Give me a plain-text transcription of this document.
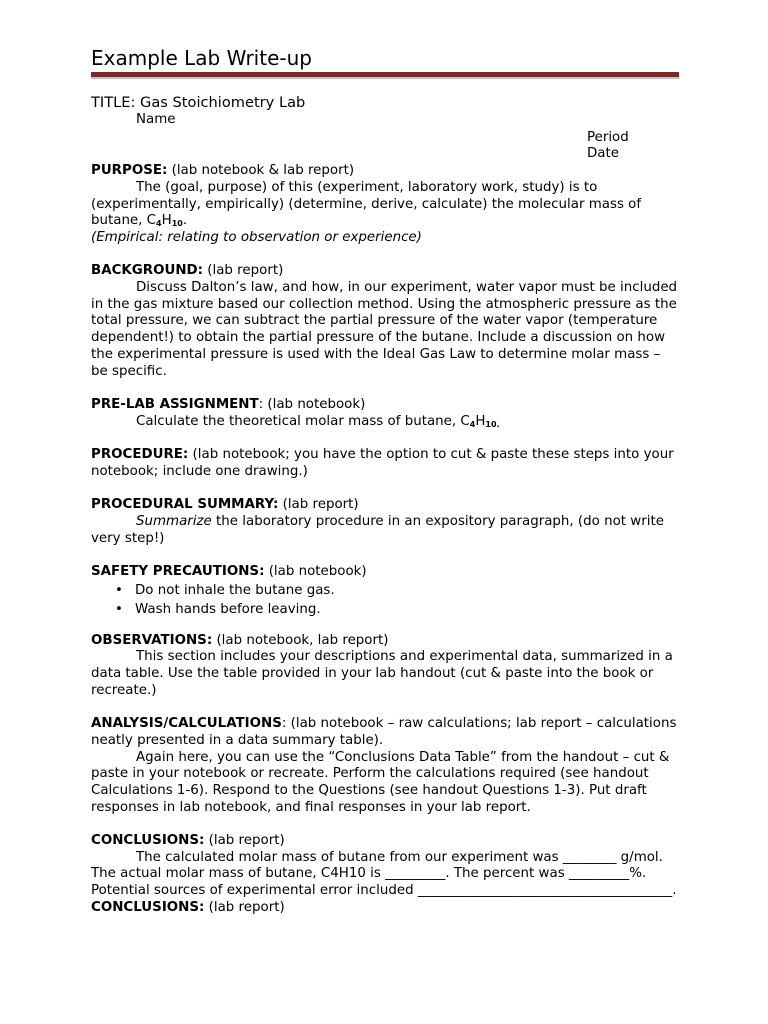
Example Lab Write-up

TITLE: Gas Stoichiometry Lab

Name

Period

Date

PURPOSE: (lab notebook & lab report)

The (goal, purpose) of this (experiment, laboratory work, study) is to (experimentally, empirically) (determine, derive, calculate) the molecular mass of butane, $C_4H_{10}$.

(Empirical: relating to observation or experience)

BACKGROUND: (lab report)

Discuss Dalton’s law, and how, in our experiment, water vapor must be included in the gas mixture based our collection method. Using the atmospheric pressure as the total pressure, we can subtract the partial pressure of the water vapor (temperature dependent!) to obtain the partial pressure of the butane. Include a discussion on how the experimental pressure is used with the Ideal Gas Law to determine molar mass – be specific.

PRE-LAB ASSIGNMENT: (lab notebook)

Calculate the theoretical molar mass of butane, $C_4H_{10.}$

PROCEDURE: (lab notebook; you have the option to cut & paste these steps into your notebook; include one drawing.)

PROCEDURAL SUMMARY: (lab report)

Summarize the laboratory procedure in an expository paragraph, (do not write very step!)

SAFETY PRECAUTIONS: (lab notebook)

• Do not inhale the butane gas.
• Wash hands before leaving.

OBSERVATIONS: (lab notebook, lab report)

This section includes your descriptions and experimental data, summarized in a data table. Use the table provided in your lab handout (cut & paste into the book or recreate.)

ANALYSIS/CALCULATIONS: (lab notebook – raw calculations; lab report – calculations neatly presented in a data summary table).

Again here, you can use the “Conclusions Data Table” from the handout – cut & paste in your notebook or recreate. Perform the calculations required (see handout Calculations 1-6). Respond to the Questions (see handout Questions 1-3). Put draft responses in lab notebook, and final responses in your lab report.

CONCLUSIONS: (lab report)

The calculated molar mass of butane from our experiment was ________ g/mol. The actual molar mass of butane, C4H10 is _________. The percent was _________%. Potential sources of experimental error included ______________________________________.

CONCLUSIONS: (lab report)
